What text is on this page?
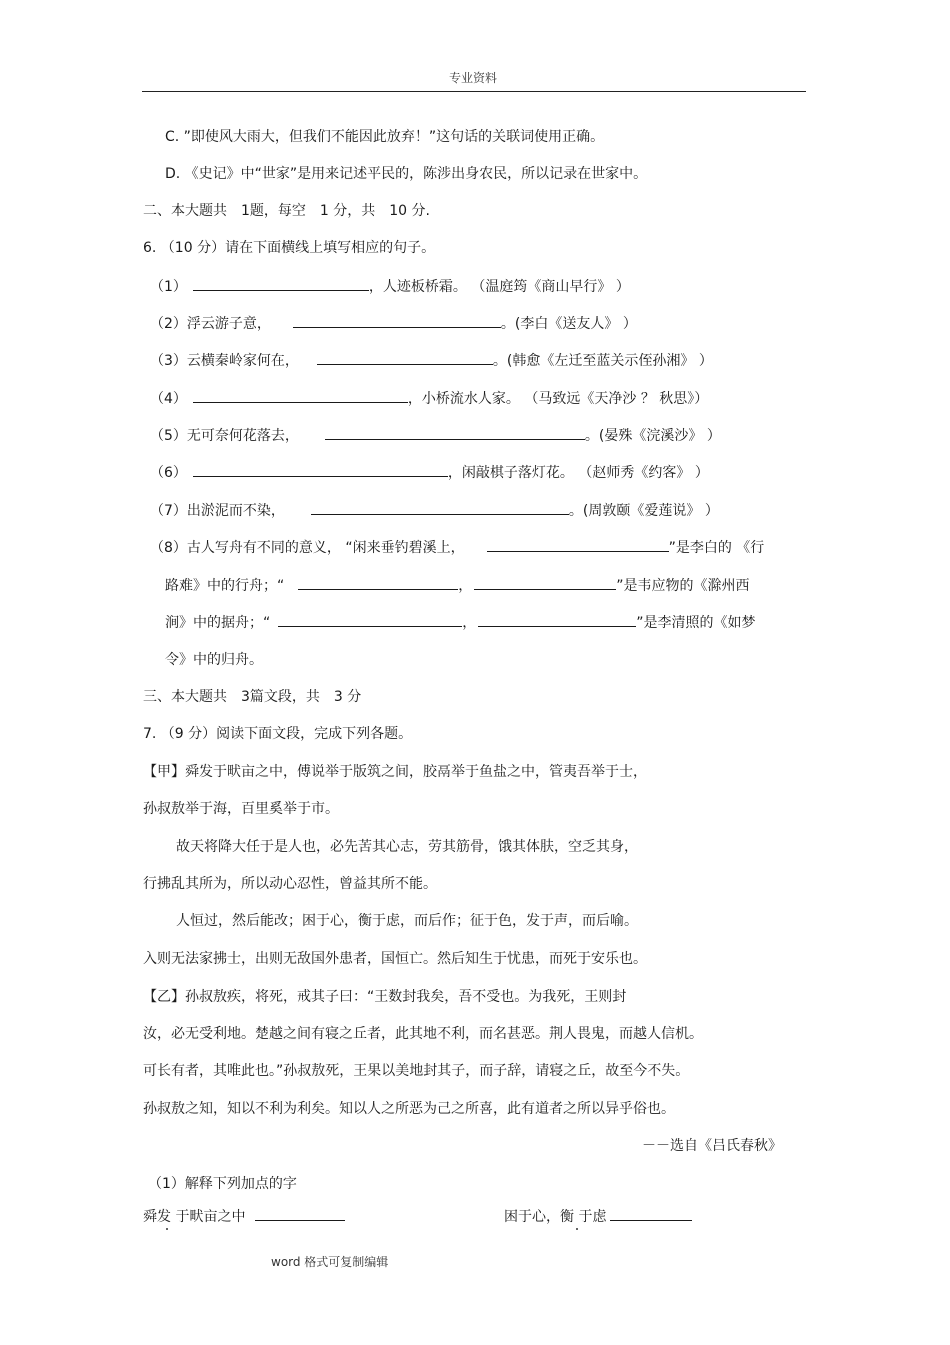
专业资料
C. ”即使风大雨大，但我们不能因此放弃！”这句话的关联词使用正确。
D. 《史记》中“世家”是用来记述平民的，陈涉出身农民，所以记录在世家中。
二、本大题共　1题，每空　1 分，共　10 分.
6. （10 分）请在下面横线上填写相应的句子。
（1）	，人迹板桥霜。 （温庭筠《商山早行》 ）
（2）浮云游子意，	。(李白《送友人》 ）
（3）云横秦岭家何在，	。(韩愈《左迁至蓝关示侄孙湘》 ）
（4）	，小桥流水人家。 （马致远《天净沙 ？ 秋思》）
（5）无可奈何花落去，	。(晏殊《浣溪沙》 ）
（6）	，闲敲棋子落灯花。 （赵师秀《约客》 ）
（7）出淤泥而不染，	。(周敦颐《爱莲说》 ）
（8）古人写舟有不同的意义， “闲来垂钓碧溪上，	”是李白的 《行
路难》中的行舟；“	，	”是韦应物的《滁州西
涧》中的据舟；“	，	”是李清照的《如梦
令》中的归舟。
三、本大题共　3篇文段，共　3 分
7. （9 分）阅读下面文段，完成下列各题。
【甲】舜发于畎亩之中，傅说举于版筑之间，胶鬲举于鱼盐之中，管夷吾举于士，
孙叔敖举于海，百里奚举于市。
故天将降大任于是人也，必先苦其心志，劳其筋骨，饿其体肤，空乏其身，
行拂乱其所为，所以动心忍性，曾益其所不能。
人恒过，然后能改；困于心，衡于虑，而后作；征于色，发于声，而后喻。
入则无法家拂士，出则无敌国外患者，国恒亡。然后知生于忧患，而死于安乐也。
【乙】孙叔敖疾，将死，戒其子曰：“王数封我矣，吾不受也。为我死，王则封
汝，必无受利地。楚越之间有寝之丘者，此其地不利，而名甚恶。荆人畏鬼，而越人信机。
可长有者，其唯此也。”孙叔敖死，王果以美地封其子，而子辞，请寝之丘，故至今不失。
孙叔敖之知，知以不利为利矣。知以人之所恶为己之所喜，此有道者之所以异乎俗也。
－－选自《吕氏春秋》
（1）解释下列加点的字
舜发 于畎亩之中	困于心，衡 于虑
word 格式可复制编辑
